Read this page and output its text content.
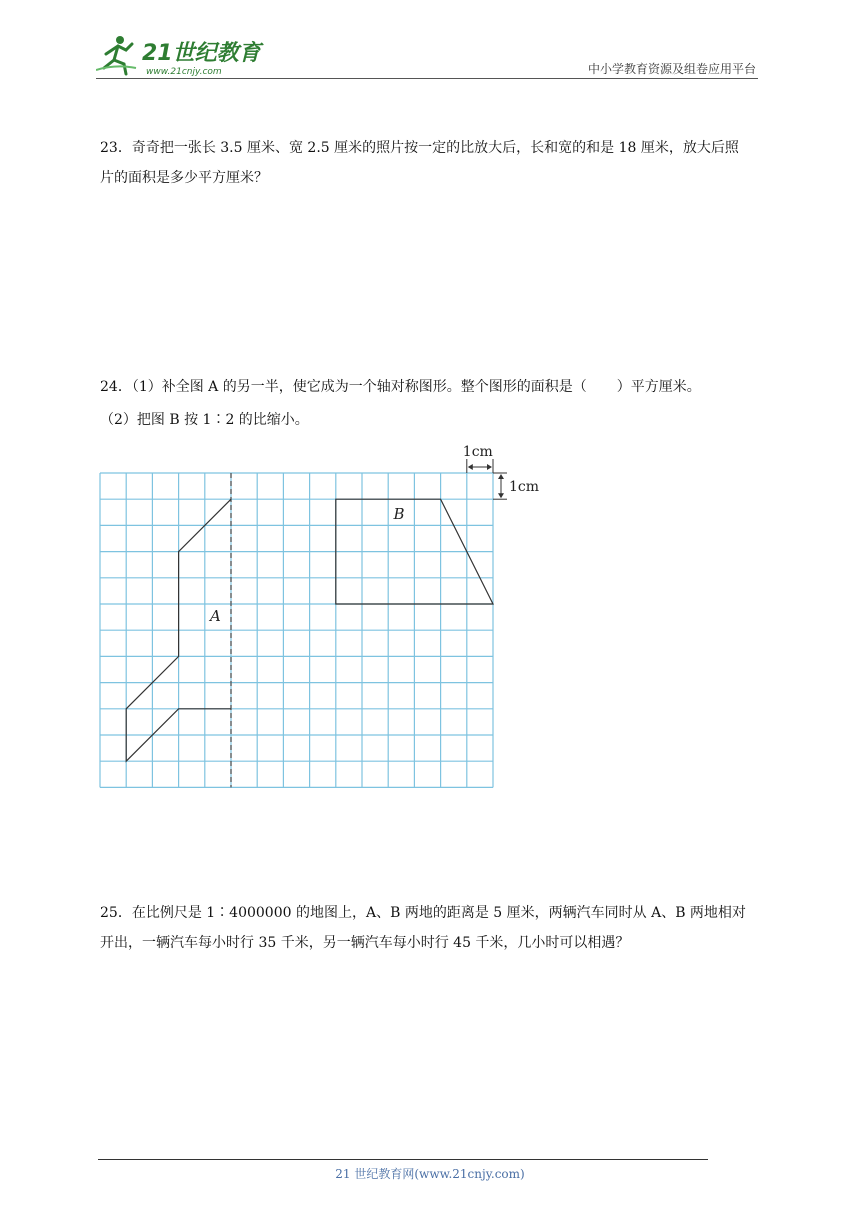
21世纪教育
www.21cnjy.com	中小学教育资源及组卷应用平台
23．奇奇把一张长 3.5 厘米、宽 2.5 厘米的照片按一定的比放大后，长和宽的和是 18 厘米，放大后照
片的面积是多少平方厘米？
24．（1）补全图 A 的另一半，使它成为一个轴对称图形。整个图形的面积是（ ）平方厘米。
（2）把图 B 按 1∶2 的比缩小。
A
B
1cm
1cm
25．在比例尺是 1∶4000000 的地图上，A、B 两地的距离是 5 厘米，两辆汽车同时从 A、B 两地相对
开出，一辆汽车每小时行 35 千米，另一辆汽车每小时行 45 千米，几小时可以相遇？
21 世纪教育网(www.21cnjy.com)
